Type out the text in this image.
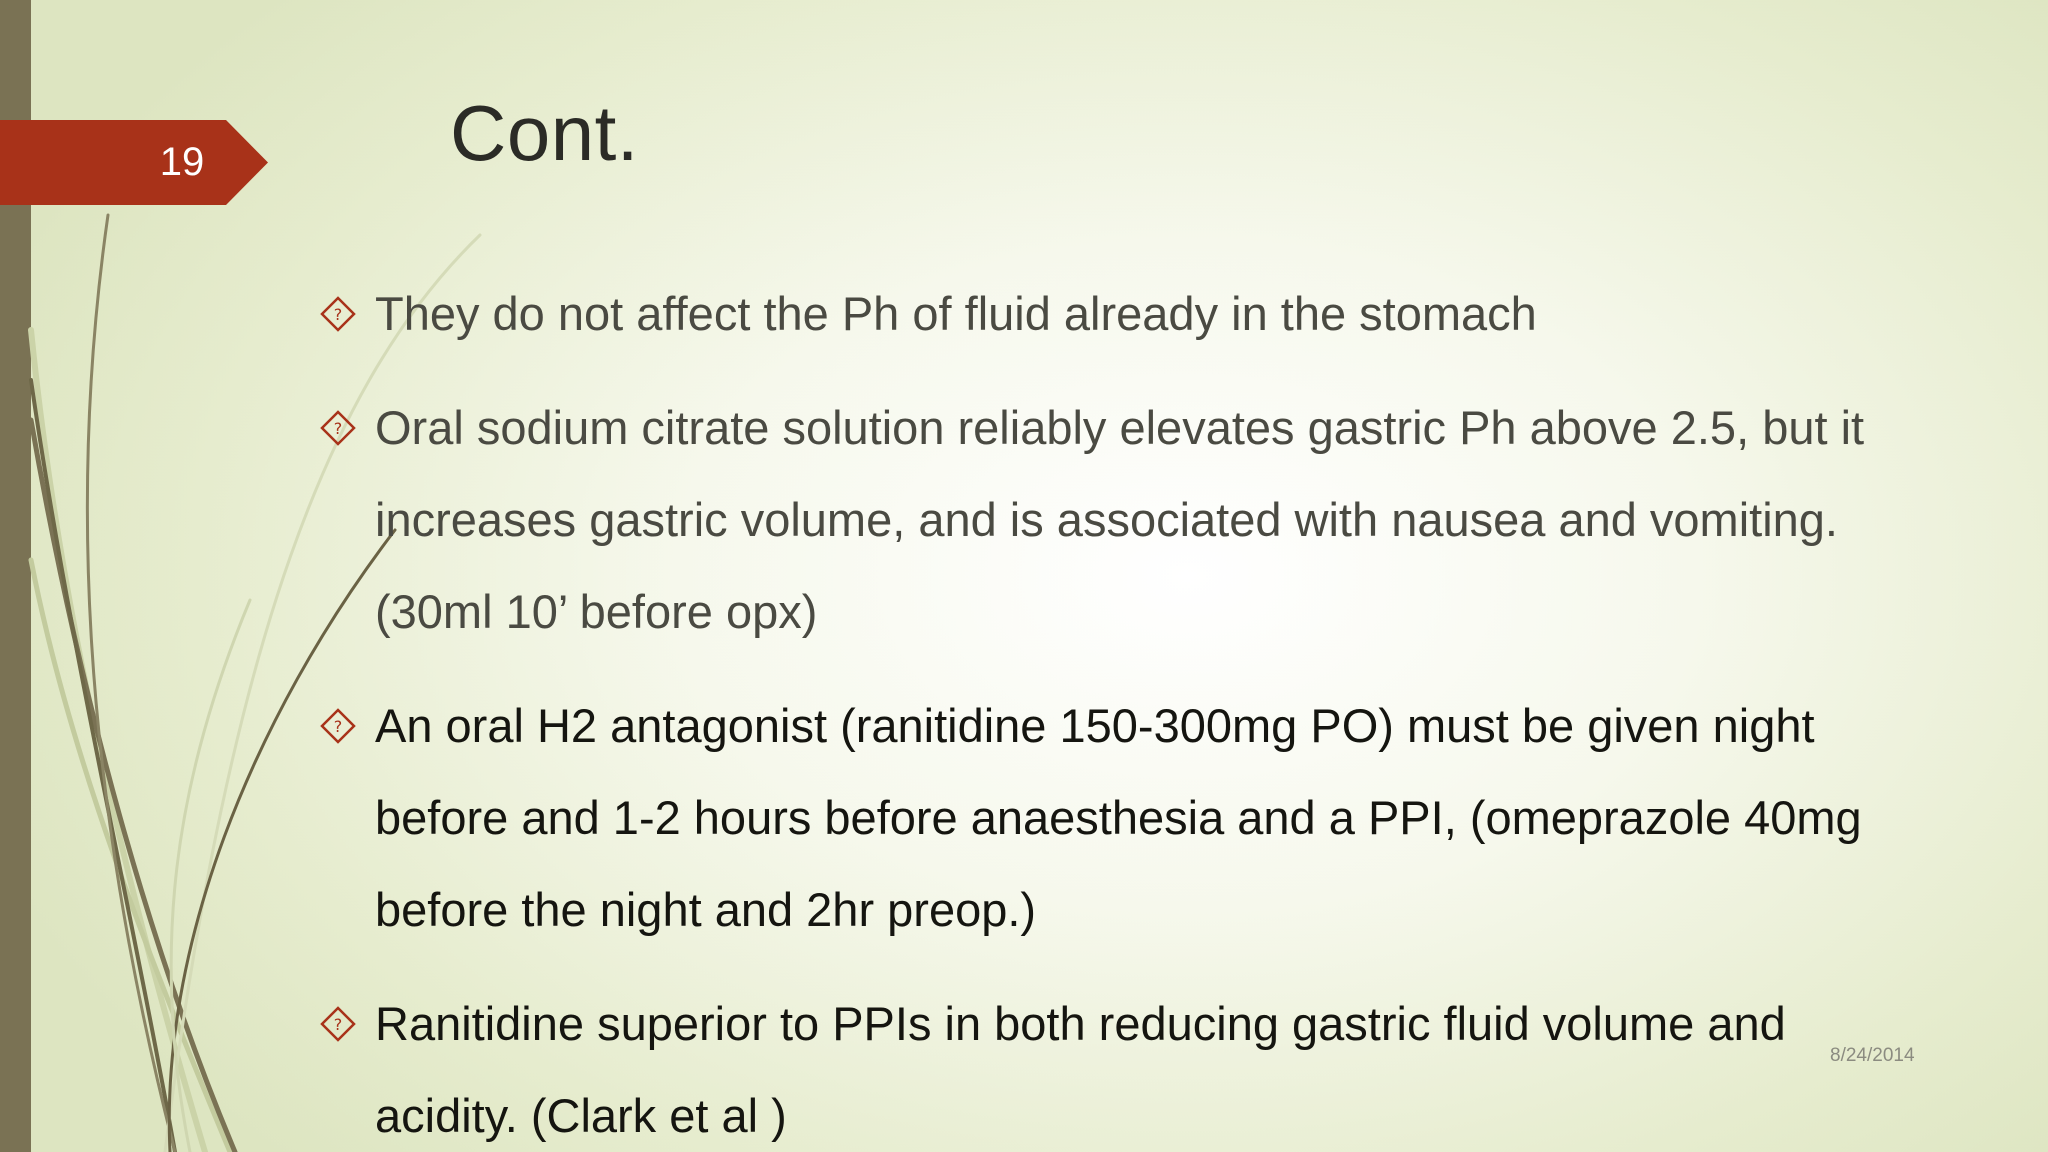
19	Cont.
? They do not affect the Ph of fluid already in the stomach
? Oral sodium citrate solution reliably elevates gastric Ph above 2.5, but it increases gastric volume, and is associated with nausea and vomiting. (30ml 10’ before opx)
? An oral H2 antagonist (ranitidine 150-300mg PO) must be given night before and 1-2 hours before anaesthesia and a PPI, (omeprazole 40mg before the night and 2hr preop.)
? Ranitidine superior to PPIs in both reducing gastric fluid volume and acidity. (Clark et al )
8/24/2014
